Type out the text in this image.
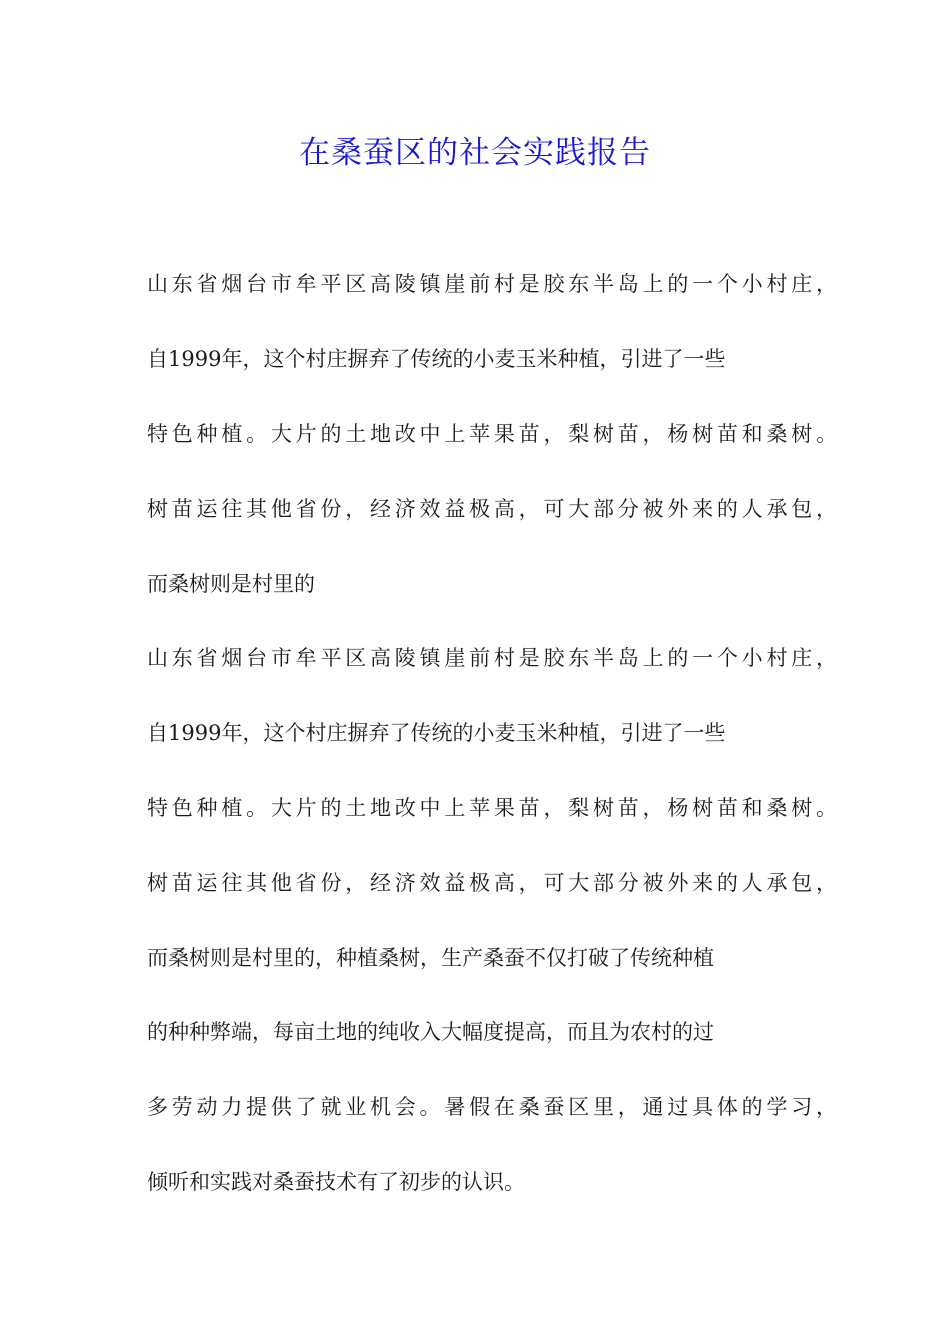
在桑蚕区的社会实践报告

山东省烟台市牟平区高陵镇崖前村是胶东半岛上的一个小村庄，

自1999年，这个村庄摒弃了传统的小麦玉米种植，引进了一些

特色种植。大片的土地改中上苹果苗，梨树苗，杨树苗和桑树。

树苗运往其他省份，经济效益极高，可大部分被外来的人承包，

而桑树则是村里的

山东省烟台市牟平区高陵镇崖前村是胶东半岛上的一个小村庄，

自1999年，这个村庄摒弃了传统的小麦玉米种植，引进了一些

特色种植。大片的土地改中上苹果苗，梨树苗，杨树苗和桑树。

树苗运往其他省份，经济效益极高，可大部分被外来的人承包，

而桑树则是村里的，种植桑树，生产桑蚕不仅打破了传统种植

的种种弊端，每亩土地的纯收入大幅度提高，而且为农村的过

多劳动力提供了就业机会。暑假在桑蚕区里，通过具体的学习，

倾听和实践对桑蚕技术有了初步的认识。
